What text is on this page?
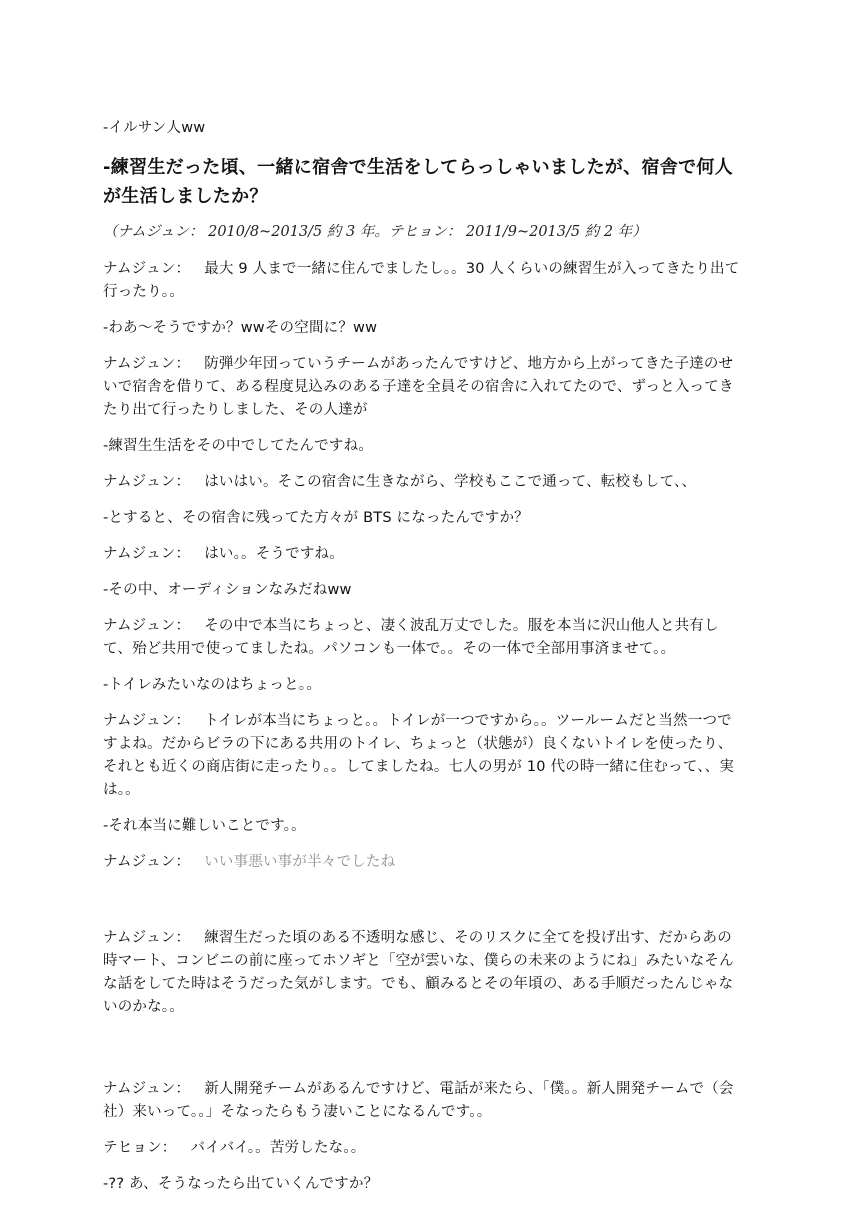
-イルサン人ww

-練習生だった頃、一緒に宿舎で生活をしてらっしゃいましたが、宿舎で何人が生活しましたか？

（ナムジュン： 2010/8~2013/5 約 3 年。テヒョン： 2011/9~2013/5 約 2 年）

ナムジュン： 最大 9 人まで一緒に住んでましたし。。30 人くらいの練習生が入ってきたり出て行ったり。。

-わあ～そうですか？wwその空間に？ww

ナムジュン： 防弾少年団っていうチームがあったんですけど、地方から上がってきた子達のせいで宿舎を借りて、ある程度見込みのある子達を全員その宿舎に入れてたので、ずっと入ってきたり出て行ったりしました、その人達が

-練習生生活をその中でしてたんですね。

ナムジュン： はいはい。そこの宿舎に生きながら、学校もここで通って、転校もして、、

-とすると、その宿舎に残ってた方々が BTS になったんですか？

ナムジュン： はい。。そうですね。

-その中、オーディションなみだねww

ナムジュン： その中で本当にちょっと、凄く波乱万丈でした。服を本当に沢山他人と共有して、殆ど共用で使ってましたね。パソコンも一体で。。その一体で全部用事済ませて。。

-トイレみたいなのはちょっと。。

ナムジュン： トイレが本当にちょっと。。トイレが一つですから。。ツールームだと当然一つですよね。だからビラの下にある共用のトイレ、ちょっと（状態が）良くないトイレを使ったり、それとも近くの商店街に走ったり。。してましたね。七人の男が 10 代の時一緒に住むって、、実は。。

-それ本当に難しいことです。。

ナムジュン： いい事悪い事が半々でしたね

ナムジュン： 練習生だった頃のある不透明な感じ、そのリスクに全てを投げ出す、だからあの時マート、コンビニの前に座ってホソギと「空が雲いな、僕らの未来のようにね」みたいなそんな話をしてた時はそうだった気がします。でも、顧みるとその年頃の、ある手順だったんじゃないのかな。。

ナムジュン： 新人開発チームがあるんですけど、電話が来たら、「僕。。新人開発チームで（会社）来いって。。」そなったらもう凄いことになるんです。。

テヒョン： バイバイ。。苦労したな。。

-?? あ、そうなったら出ていくんですか？
